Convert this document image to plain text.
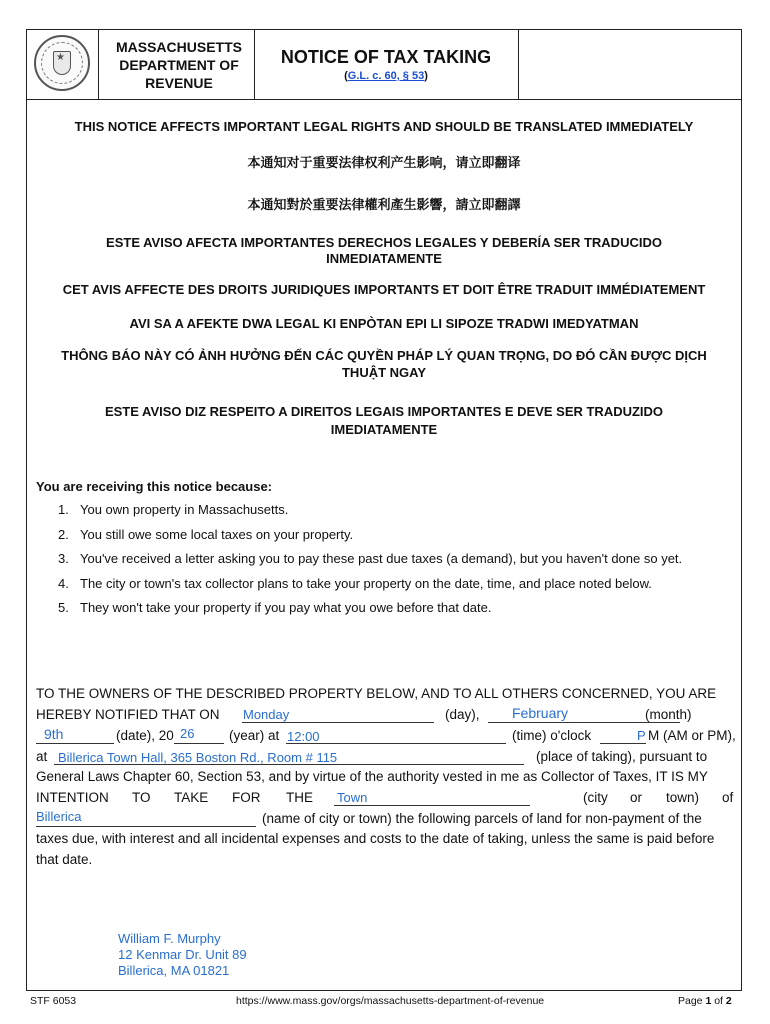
★
MASSACHUSETTS
DEPARTMENT OF
REVENUE
NOTICE OF TAX TAKING
(G.L. c. 60, § 53)
THIS NOTICE AFFECTS IMPORTANT LEGAL RIGHTS AND SHOULD BE TRANSLATED IMMEDIATELY
本通知对于重要法律权利产生影响，请立即翻译
本通知對於重要法律權利產生影響，請立即翻譯
ESTE AVISO AFECTA IMPORTANTES DERECHOS LEGALES Y DEBERÍA SER TRADUCIDO
INMEDIATAMENTE
CET AVIS AFFECTE DES DROITS JURIDIQUES IMPORTANTS ET DOIT ÊTRE TRADUIT IMMÉDIATEMENT
AVI SA A AFEKTE DWA LEGAL KI ENPÒTAN EPI LI SIPOZE TRADWI IMEDYATMAN
THÔNG BÁO NÀY CÓ ẢNH HƯỞNG ĐẾN CÁC QUYỀN PHÁP LÝ QUAN TRỌNG, DO ĐÓ CẦN ĐƯỢC DỊCH
THUẬT NGAY
ESTE AVISO DIZ RESPEITO A DIREITOS LEGAIS IMPORTANTES E DEVE SER TRADUZIDO
IMEDIATAMENTE
You are receiving this notice because:
1. You own property in Massachusetts.
2. You still owe some local taxes on your property.
3. You've received a letter asking you to pay these past due taxes (a demand), but you haven't done so yet.
4. The city or town's tax collector plans to take your property on the date, time, and place noted below.
5. They won't take your property if you pay what you owe before that date.
TO THE OWNERS OF THE DESCRIBED PROPERTY BELOW, AND TO ALL OTHERS CONCERNED, YOU ARE
HEREBY NOTIFIED THAT ON	(day),	(month)
Monday	February
(date), 20	(year) at	(time) o'clock	M (AM or PM),
9th	26	12:00	P
at	(place of taking), pursuant to
Billerica Town Hall, 365 Boston Rd., Room # 115
General Laws Chapter 60, Section 53, and by virtue of the authority vested in me as Collector of Taxes, IT IS MY
INTENTION TO TAKE FOR THE	(city or town) of
Town
(name of city or town) the following parcels of land for non-payment of the
Billerica
taxes due, with interest and all incidental expenses and costs to the date of taking, unless the same is paid before
that date.
William F. Murphy
12 Kenmar Dr. Unit 89
Billerica, MA 01821
STF 6053	https://www.mass.gov/orgs/massachusetts-department-of-revenue	Page 1 of 2
